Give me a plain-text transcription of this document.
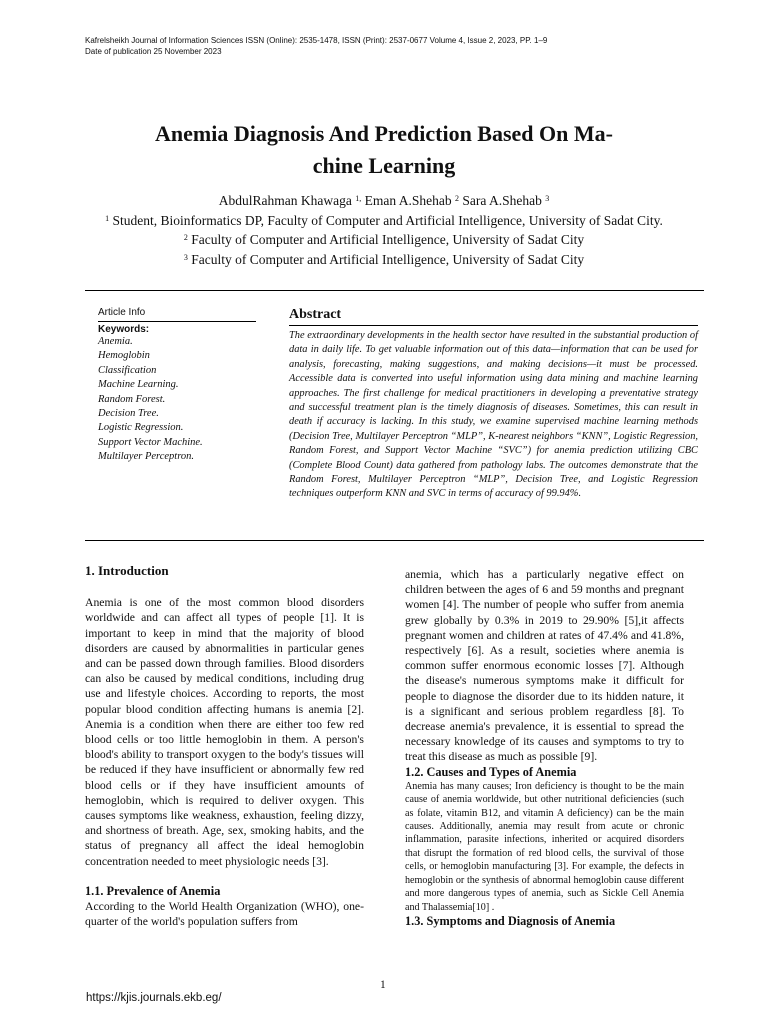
Kafrelsheikh Journal of Information Sciences ISSN (Online): 2535-1478, ISSN (Print): 2537-0677 Volume 4, Issue 2, 2023, PP. 1–9
Date of publication 25 November 2023
Anemia Diagnosis And Prediction Based On Ma-
chine Learning
AbdulRahman Khawaga $^{1,}$ Eman A.Shehab $^2$ Sara A.Shehab $^3$
$^1$ Student, Bioinformatics DP, Faculty of Computer and Artificial Intelligence, University of Sadat City.
$^2$ Faculty of Computer and Artificial Intelligence, University of Sadat City
$^3$ Faculty of Computer and Artificial Intelligence, University of Sadat City
Article Info
Keywords:
Anemia.
Hemoglobin
Classification
Machine Learning.
Random Forest.
Decision Tree.
Logistic Regression.
Support Vector Machine.
Multilayer Perceptron.
Abstract
The extraordinary developments in the health sector have resulted in the substantial production of data in daily life. To get valuable information out of this data—information that can be used for analysis, forecasting, making suggestions, and making decisions—it must be processed. Accessible data is converted into useful information using data mining and machine learning approaches. The first challenge for medical practitioners in developing a preventative strategy and successful treatment plan is the timely diagnosis of diseases. Sometimes, this can result in death if accuracy is lacking. In this study, we examine supervised machine learning methods (Decision Tree, Multilayer Perceptron “MLP”, K-nearest neighbors “KNN”, Logistic Regression, Random Forest, and Support Vector Machine “SVC”) for anemia prediction utilizing CBC (Complete Blood Count) data gathered from pathology labs. The outcomes demonstrate that the Random Forest, Multilayer Perceptron “MLP”, Decision Tree, and Logistic Regression techniques outperform KNN and SVC in terms of accuracy of 99.94%.

1. Introduction

Anemia is one of the most common blood disorders worldwide and can affect all types of people [1]. It is important to keep in mind that the majority of blood disorders are caused by abnormalities in particular genes and can be passed down through families. Blood disorders can also be caused by medical conditions, including drug use and lifestyle choices. According to reports, the most popular blood condition affecting humans is anemia [2]. Anemia is a condition when there are either too few red blood cells or too little hemoglobin in them. A person's blood's ability to transport oxygen to the body's tissues will be reduced if they have insufficient or abnormally few red blood cells or if they have insufficient amounts of hemoglobin, which is required to deliver oxygen. This causes symptoms like weakness, exhaustion, feeling dizzy, and shortness of breath. Age, sex, smoking habits, and the status of pregnancy all affect the ideal hemoglobin concentration needed to meet physiologic needs [3].

1.1. Prevalence of Anemia

According to the World Health Organization (WHO), one-quarter of the world's population suffers from

anemia, which has a particularly negative effect on children between the ages of 6 and 59 months and pregnant women [4]. The number of people who suffer from anemia grew globally by 0.3% in 2019 to 29.90% [5],it affects pregnant women and children at rates of 47.4% and 41.8%, respectively [6]. As a result, societies where anemia is common suffer enormous economic losses [7]. Although the disease's numerous symptoms make it difficult for people to diagnose the disorder due to its hidden nature, it is a significant and serious problem regardless [8]. To decrease anemia's prevalence, it is essential to spread the necessary knowledge of its causes and symptoms to try to treat this disease as much as possible [9].

1.2. Causes and Types of Anemia

Anemia has many causes; Iron deficiency is thought to be the main cause of anemia worldwide, but other nutritional deficiencies (such as folate, vitamin B12, and vitamin A deficiency) can be the main causes. Additionally, anemia may result from acute or chronic inflammation, parasite infections, inherited or acquired disorders that disrupt the formation of red blood cells, the survival of those cells, or hemoglobin manufacturing [3]. For example, the defects in hemoglobin or the synthesis of abnormal hemoglobin cause different and more dangerous types of anemia, such as Sickle Cell Anemia and Thalassemia[10] .

1.3. Symptoms and Diagnosis of Anemia

1
https://kjis.journals.ekb.eg/
